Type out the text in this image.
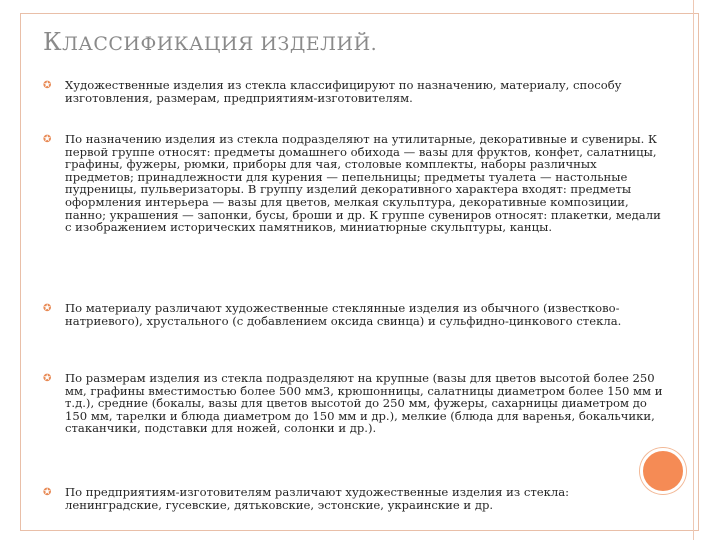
КЛАССИФИКАЦИЯ ИЗДЕЛИЙ.
✪ Художественные изделия из стекла классифицируют по назначению, материалу, способу изготовления, размерам, предприятиям-изготовителям.
✪ По назначению изделия из стекла подразделяют на утилитарные, декоративные и сувениры. К первой группе относят: предметы домашнего обихода — вазы для фруктов, конфет, салатницы, графины, фужеры, рюмки, приборы для чая, столовые комплекты, наборы различных предметов; принадлежности для курения — пепельницы; предметы туалета — настольные пудреницы, пульверизаторы. В группу изделий декоративного характера входят: предметы оформления интерьера — вазы для цветов, мелкая скульптура, декоративные композиции, панно; украшения — запонки, бусы, броши и др. К группе сувениров относят: плакетки, медали с изображением исторических памятников, миниатюрные скульптуры, канцы.
✪ По материалу различают художественные стеклянные изделия из обычного (известково-натриевого), хрустального (с добавлением оксида свинца) и сульфидно-цинкового стекла.
✪ По размерам изделия из стекла подразделяют на крупные (вазы для цветов высотой более 250 мм, графины вместимостью более 500 мм3, крюшонницы, салатницы диаметром более 150 мм и т.д.), средние (бокалы, вазы для цветов высотой до 250 мм, фужеры, сахарницы диаметром до 150 мм, тарелки и блюда диаметром до 150 мм и др.), мелкие (блюда для варенья, бокальчики, стаканчики, подставки для ножей, солонки и др.).
✪ По предприятиям-изготовителям различают художественные изделия из стекла: ленинградские, гусевские, дятьковские, эстонские, украинские и др.
